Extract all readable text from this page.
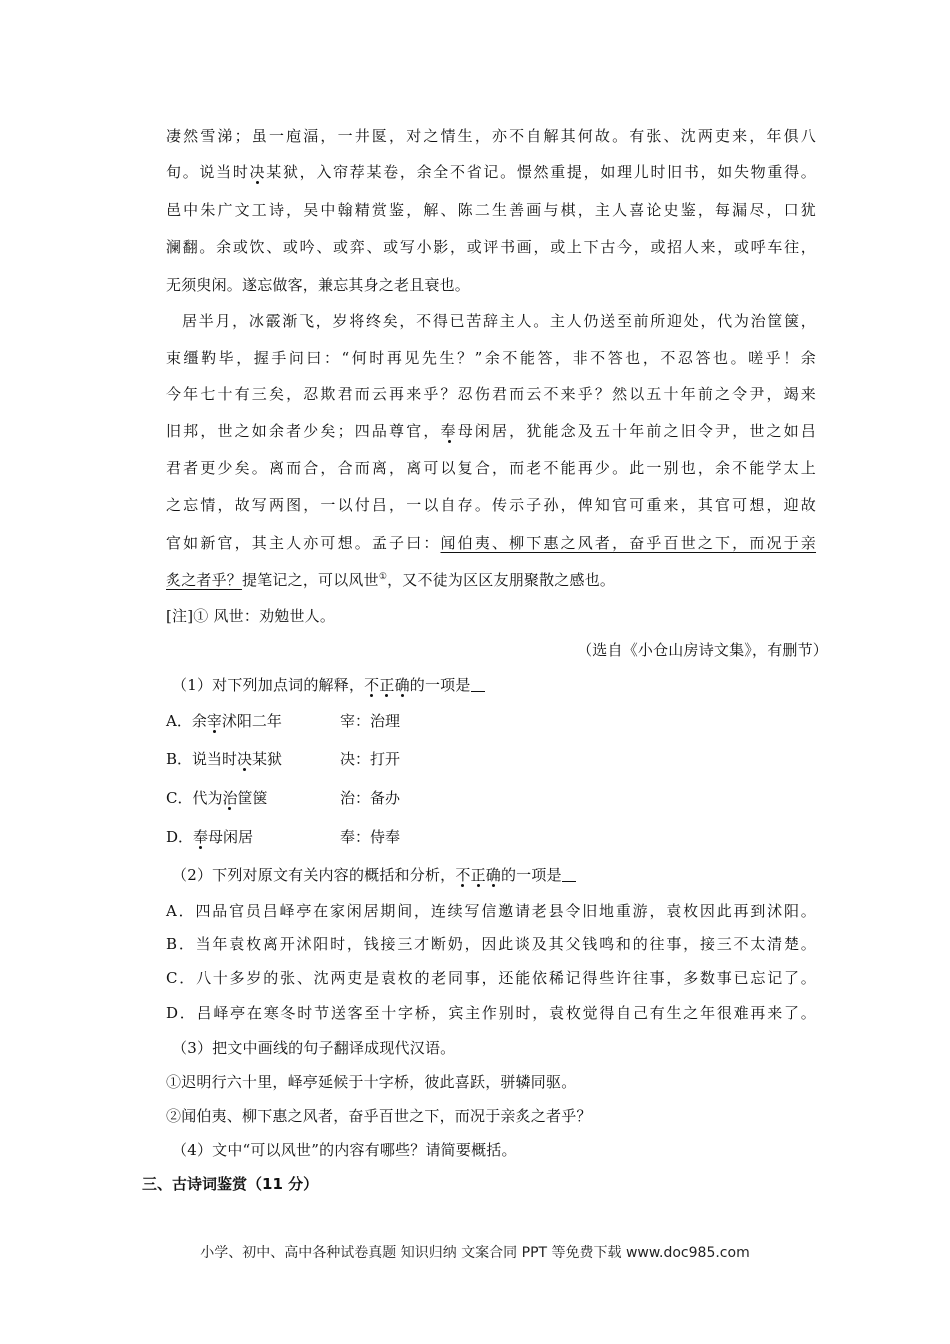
凄然雪涕；虽一庖湢，一井匽，对之情生，亦不自解其何故。有张、沈两吏来，年俱八
旬。说当时决某狱，入帘荐某卷，余全不省记。憬然重提，如理儿时旧书，如失物重得。
邑中朱广文工诗，吴中翰精赏鉴，解、陈二生善画与棋，主人喜论史鉴，每漏尽，口犹
澜翻。余或饮、或吟、或弈、或写小影，或评书画，或上下古今，或招人来，或呼车往，
无须臾闲。遂忘做客，兼忘其身之老且衰也。
居半月，冰霰渐飞，岁将终矣，不得已苦辞主人。主人仍送至前所迎处，代为治筐箧，
束缰靮毕，握手问曰：“何时再见先生？”余不能答，非不答也，不忍答也。嗟乎！余
今年七十有三矣，忍欺君而云再来乎？忍伤君而云不来乎？然以五十年前之令尹，竭来
旧邦，世之如余者少矣；四品尊官，奉母闲居，犹能念及五十年前之旧令尹，世之如吕
君者更少矣。离而合，合而离，离可以复合，而老不能再少。此一别也，余不能学太上
之忘情，故写两图，一以付吕，一以自存。传示子孙，俾知官可重来，其官可想，迎故
官如新官，其主人亦可想。孟子曰：闻伯夷、柳下惠之风者，奋乎百世之下，而况于亲
炙之者乎？提笔记之，可以风世①，又不徒为区区友朋聚散之感也。
[注]① 风世：劝勉世人。
（选自《小仓山房诗文集》，有删节）
（1）对下列加点词的解释，不正确的一项是
A．余宰沭阳二年	宰：治理
B．说当时决某狱	决：打开
C．代为治筐箧	治：备办
D．奉母闲居	奉：侍奉
（2）下列对原文有关内容的概括和分析，不正确的一项是
A．四品官员吕峄亭在家闲居期间，连续写信邀请老县令旧地重游，袁枚因此再到沭阳。
B．当年袁枚离开沭阳时，钱接三才断奶，因此谈及其父钱鸣和的往事，接三不太清楚。
C．八十多岁的张、沈两吏是袁枚的老同事，还能依稀记得些许往事，多数事已忘记了。
D．吕峄亭在寒冬时节送客至十字桥，宾主作别时，袁枚觉得自己有生之年很难再来了。
（3）把文中画线的句子翻译成现代汉语。
①迟明行六十里，峄亭延候于十字桥，彼此喜跃，骈辚同驱。
②闻伯夷、柳下惠之风者，奋乎百世之下，而况于亲炙之者乎？
（4）文中“可以风世”的内容有哪些？请简要概括。
三、古诗词鉴赏（11 分）
小学、初中、高中各种试卷真题 知识归纳 文案合同 PPT 等免费下载 www.doc985.com
